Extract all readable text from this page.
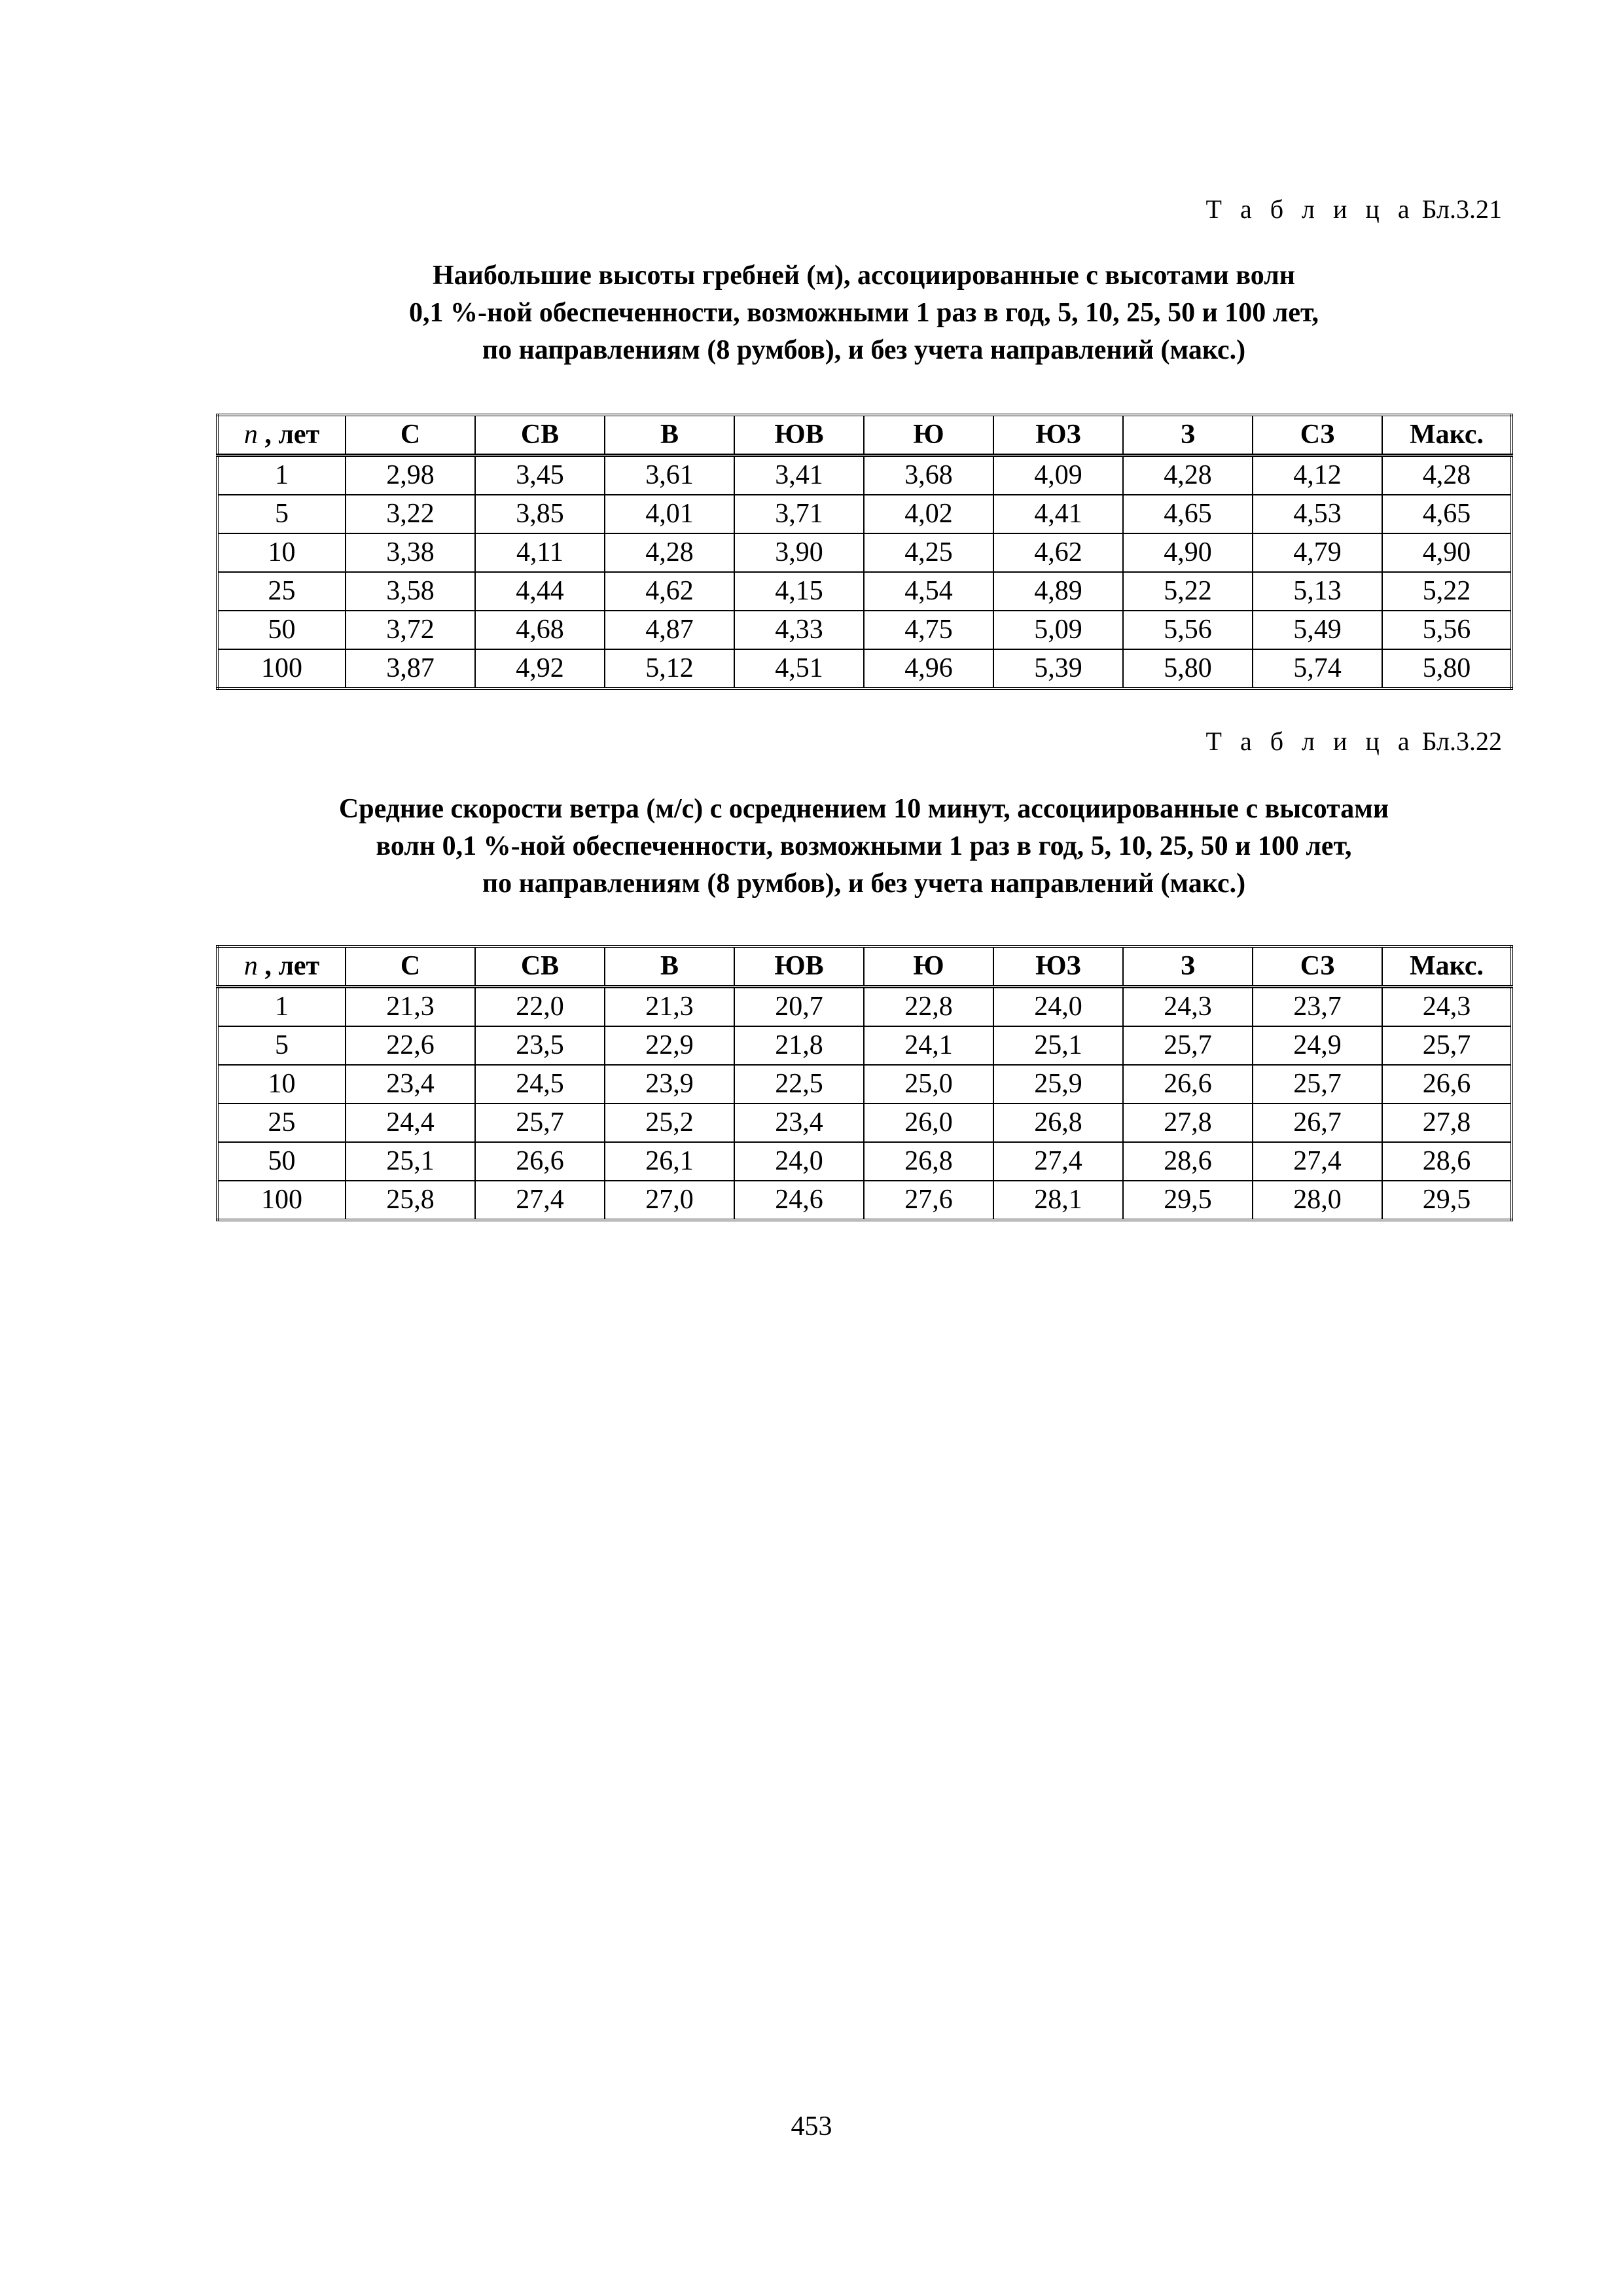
Т а б л и ц а Бл.3.21
Наибольшие высоты гребней (м), ассоциированные с высотами волн
0,1 %-ной обеспеченности, возможными 1 раз в год, 5, 10, 25, 50 и 100 лет,
по направлениям (8 румбов), и без учета направлений (макс.)
n , лет	С	СВ	В	ЮВ	Ю	ЮЗ	З	СЗ	Макс.
1	2,98	3,45	3,61	3,41	3,68	4,09	4,28	4,12	4,28
5	3,22	3,85	4,01	3,71	4,02	4,41	4,65	4,53	4,65
10	3,38	4,11	4,28	3,90	4,25	4,62	4,90	4,79	4,90
25	3,58	4,44	4,62	4,15	4,54	4,89	5,22	5,13	5,22
50	3,72	4,68	4,87	4,33	4,75	5,09	5,56	5,49	5,56
100	3,87	4,92	5,12	4,51	4,96	5,39	5,80	5,74	5,80
Т а б л и ц а Бл.3.22
Средние скорости ветра (м/с) с осреднением 10 минут, ассоциированные с высотами
волн 0,1 %-ной обеспеченности, возможными 1 раз в год, 5, 10, 25, 50 и 100 лет,
по направлениям (8 румбов), и без учета направлений (макс.)
n , лет	С	СВ	В	ЮВ	Ю	ЮЗ	З	СЗ	Макс.
1	21,3	22,0	21,3	20,7	22,8	24,0	24,3	23,7	24,3
5	22,6	23,5	22,9	21,8	24,1	25,1	25,7	24,9	25,7
10	23,4	24,5	23,9	22,5	25,0	25,9	26,6	25,7	26,6
25	24,4	25,7	25,2	23,4	26,0	26,8	27,8	26,7	27,8
50	25,1	26,6	26,1	24,0	26,8	27,4	28,6	27,4	28,6
100	25,8	27,4	27,0	24,6	27,6	28,1	29,5	28,0	29,5
453
